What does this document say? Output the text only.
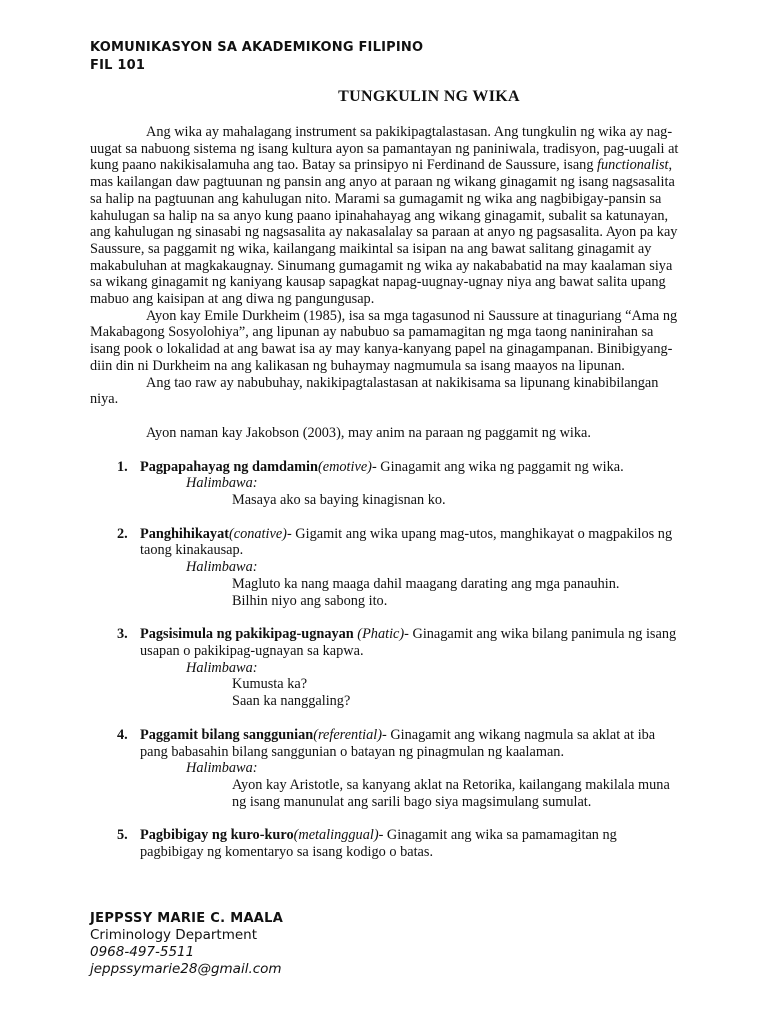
KOMUNIKASYON SA AKADEMIKONG FILIPINO
FIL 101
TUNGKULIN NG WIKA

Ang wika ay mahalagang instrument sa pakikipagtalastasan. Ang tungkulin ng wika ay nag-uugat sa nabuong sistema ng isang kultura ayon sa pamantayan ng paniniwala, tradisyon, pag-uugali at kung paano nakikisalamuha ang tao. Batay sa prinsipyo ni Ferdinand de Saussure, isang functionalist, mas kailangan daw pagtuunan ng pansin ang anyo at paraan ng wikang ginagamit ng isang nagsasalita sa halip na pagtuunan ang kahulugan nito. Marami sa gumagamit ng wika ang nagbibigay-pansin sa kahulugan sa halip na sa anyo kung paano ipinahahayag ang wikang ginagamit, subalit sa katunayan, ang kahulugan ng sinasabi ng nagsasalita ay nakasalalay sa paraan at anyo ng pagsasalita. Ayon pa kay Saussure, sa paggamit ng wika, kailangang maikintal sa isipan na ang bawat salitang ginagamit ay makabuluhan at magkakaugnay. Sinumang gumagamit ng wika ay nakababatid na may kaalaman siya sa wikang ginagamit ng kaniyang kausap sapagkat napag-uugnay-ugnay niya ang bawat salita upang mabuo ang kaisipan at ang diwa ng pangungusap.

Ayon kay Emile Durkheim (1985), isa sa mga tagasunod ni Saussure at tinaguriang “Ama ng Makabagong Sosyolohiya”, ang lipunan ay nabubuo sa pamamagitan ng mga taong naninirahan sa isang pook o lokalidad at ang bawat isa ay may kanya-kanyang papel na ginagampanan. Binibigyang-diin din ni Durkheim na ang kalikasan ng buhaymay nagmumula sa isang maayos na lipunan.

Ang tao raw ay nabubuhay, nakikipagtalastasan at nakikisama sa lipunang kinabibilangan niya.

Ayon naman kay Jakobson (2003), may anim na paraan ng paggamit ng wika.

1. Pagpapahayag ng damdamin(emotive)- Ginagamit ang wika ng paggamit ng wika.
Halimbawa:
Masaya ako sa baying kinagisnan ko.
2. Panghihikayat(conative)- Gigamit ang wika upang mag-utos, manghikayat o magpakilos ng taong kinakausap.
Halimbawa:
Magluto ka nang maaga dahil maagang darating ang mga panauhin.
Bilhin niyo ang sabong ito.
3. Pagsisimula ng pakikipag-ugnayan (Phatic)- Ginagamit ang wika bilang panimula ng isang usapan o pakikipag-ugnayan sa kapwa.
Halimbawa:
Kumusta ka?
Saan ka nanggaling?
4. Paggamit bilang sanggunian(referential)- Ginagamit ang wikang nagmula sa aklat at iba pang babasahin bilang sanggunian o batayan ng pinagmulan ng kaalaman.
Halimbawa:
Ayon kay Aristotle, sa kanyang aklat na Retorika, kailangang makilala muna ng isang manunulat ang sarili bago siya magsimulang sumulat.
5. Pagbibigay ng kuro-kuro(metalinggual)- Ginagamit ang wika sa pamamagitan ng pagbibigay ng komentaryo sa isang kodigo o batas.
JEPPSSY MARIE C. MAALA
Criminology Department
0968-497-5511
jeppssymarie28@gmail.com
